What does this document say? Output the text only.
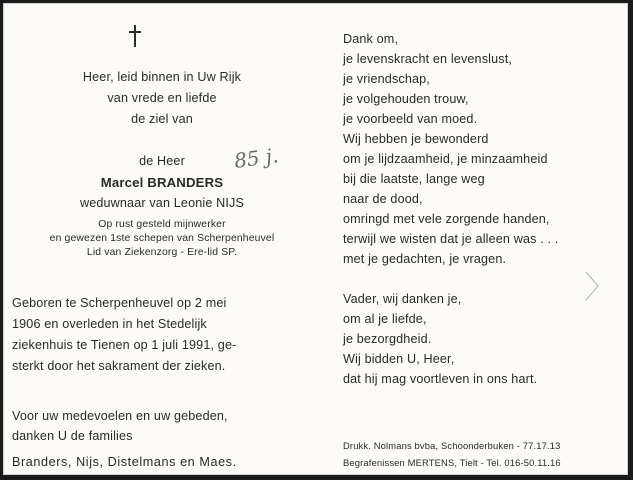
Heer, leid binnen in Uw Rijk
van vrede en liefde
de ziel van
de Heer	85 j.
Marcel BRANDERS
weduwnaar van Leonie NIJS
Op rust gesteld mijnwerker
en gewezen 1ste schepen van Scherpenheuvel
Lid van Ziekenzorg - Ere-lid SP.
Geboren te Scherpenheuvel op 2 mei
1906 en overleden in het Stedelijk
ziekenhuis te Tienen op 1 juli 1991, ge-
sterkt door het sakrament der zieken.
Voor uw medevoelen en uw gebeden,
danken U de families
Branders, Nijs, Distelmans en Maes.
Dank om,
je levenskracht en levenslust,
je vriendschap,
je volgehouden trouw,
je voorbeeld van moed.
Wij hebben je bewonderd
om je lijdzaamheid, je minzaamheid
bij die laatste, lange weg
naar de dood,
omringd met vele zorgende handen,
terwijl we wisten dat je alleen was . . .
met je gedachten, je vragen.
Vader, wij danken je,
om al je liefde,
je bezorgdheid.
Wij bidden U, Heer,
dat hij mag voortleven in ons hart.
Drukk. Nolmans bvba, Schoonderbuken - 77.17.13
Begrafenissen MERTENS, Tielt - Tel. 016-50.11.16
